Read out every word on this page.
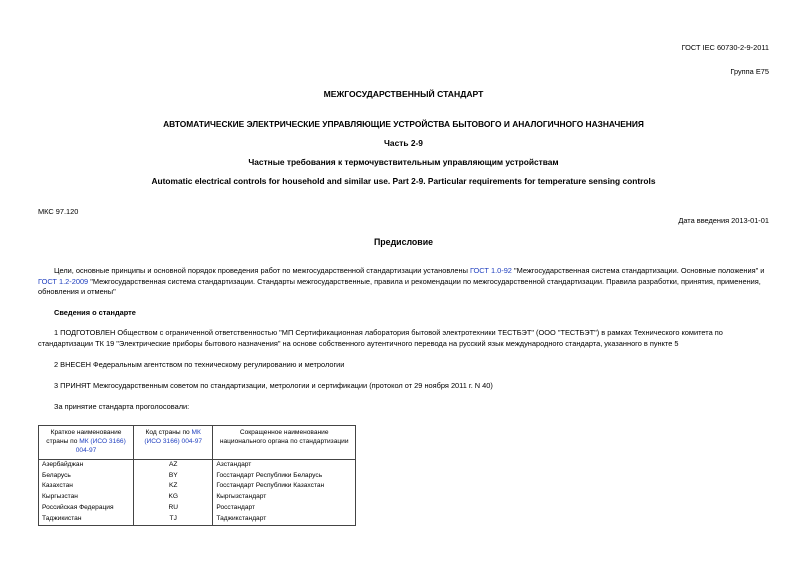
ГОСТ IEC 60730-2-9-2011
Группа Е75
МЕЖГОСУДАРСТВЕННЫЙ СТАНДАРТ
АВТОМАТИЧЕСКИЕ ЭЛЕКТРИЧЕСКИЕ УПРАВЛЯЮЩИЕ УСТРОЙСТВА БЫТОВОГО И АНАЛОГИЧНОГО НАЗНАЧЕНИЯ
Часть 2-9
Частные требования к термочувствительным управляющим устройствам
Automatic electrical controls for household and similar use. Part 2-9. Particular requirements for temperature sensing controls
МКС 97.120
Дата введения 2013-01-01
Предисловие

Цели, основные принципы и основной порядок проведения работ по межгосударственной стандартизации установлены ГОСТ 1.0-92 "Межгосударственная система стандартизации. Основные положения" и ГОСТ 1.2-2009 "Межгосударственная система стандартизации. Стандарты межгосударственные, правила и рекомендации по межгосударственной стандартизации. Правила разработки, принятия, применения, обновления и отмены"

Сведения о стандарте

1 ПОДГОТОВЛЕН Обществом с ограниченной ответственностью "МП Сертификационная лаборатория бытовой электротехники ТЕСТБЭТ" (ООО "ТЕСТБЭТ") в рамках Технического комитета по стандартизации ТК 19 "Электрические приборы бытового назначения" на основе собственного аутентичного перевода на русский язык международного стандарта, указанного в пункте 5

2 ВНЕСЕН Федеральным агентством по техническому регулированию и метрологии

3 ПРИНЯТ Межгосударственным советом по стандартизации, метрологии и сертификации (протокол от 29 ноября 2011 г. N 40)

За принятие стандарта проголосовали:

Краткое наименование страны по МК (ИСО 3166) 004-97	Код страны по МК (ИСО 3166) 004-97	Сокращенное наименование национального органа по стандартизации
Азербайджан	AZ	Азстандарт
Беларусь	BY	Госстандарт Республики Беларусь
Казахстан	KZ	Госстандарт Республики Казахстан
Кыргызстан	KG	Кыргызстандарт
Российская Федерация	RU	Росстандарт
Таджикистан	TJ	Таджикстандарт
